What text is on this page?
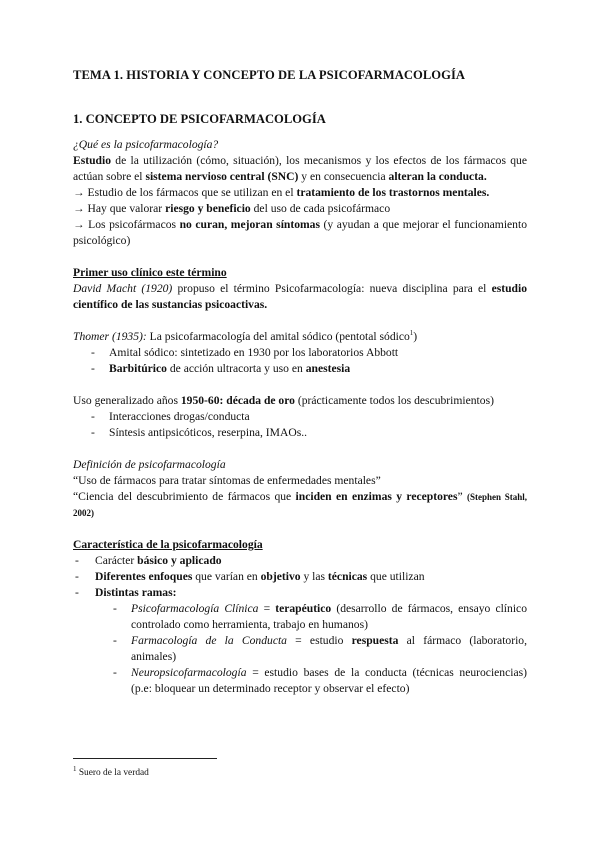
TEMA 1. HISTORIA Y CONCEPTO DE LA PSICOFARMACOLOGÍA

1. CONCEPTO DE PSICOFARMACOLOGÍA

¿Qué es la psicofarmacología?

Estudio de la utilización (cómo, situación), los mecanismos y los efectos de los fármacos que actúan sobre el sistema nervioso central (SNC) y en consecuencia alteran la conducta.

→ Estudio de los fármacos que se utilizan en el tratamiento de los trastornos mentales.

→ Hay que valorar riesgo y beneficio del uso de cada psicofármaco

→ Los psicofármacos no curan, mejoran síntomas (y ayudan a que mejorar el funcionamiento psicológico)

Primer uso clínico este término

David Macht (1920) propuso el término Psicofarmacología: nueva disciplina para el estudio científico de las sustancias psicoactivas.

Thomer (1935): La psicofarmacología del amital sódico (pentotal sódico$^1$)

- Amital sódico: sintetizado en 1930 por los laboratorios Abbott
- Barbitúrico de acción ultracorta y uso en anestesia

Uso generalizado años 1950-60: década de oro (prácticamente todos los descubrimientos)

- Interacciones drogas/conducta
- Síntesis antipsicóticos, reserpina, IMAOs..

Definición de psicofarmacología

“Uso de fármacos para tratar síntomas de enfermedades mentales”

“Ciencia del descubrimiento de fármacos que inciden en enzimas y receptores” (Stephen Stahl, 2002)

Característica de la psicofarmacología

- Carácter básico y aplicado
- Diferentes enfoques que varían en objetivo y las técnicas que utilizan
- Distintas ramas:
- Psicofarmacología Clínica = terapéutico (desarrollo de fármacos, ensayo clínico controlado como herramienta, trabajo en humanos)
- Farmacología de la Conducta = estudio respuesta al fármaco (laboratorio, animales)
- Neuropsicofarmacología = estudio bases de la conducta (técnicas neurociencias) (p.e: bloquear un determinado receptor y observar el efecto)

$^1$ Suero de la verdad
